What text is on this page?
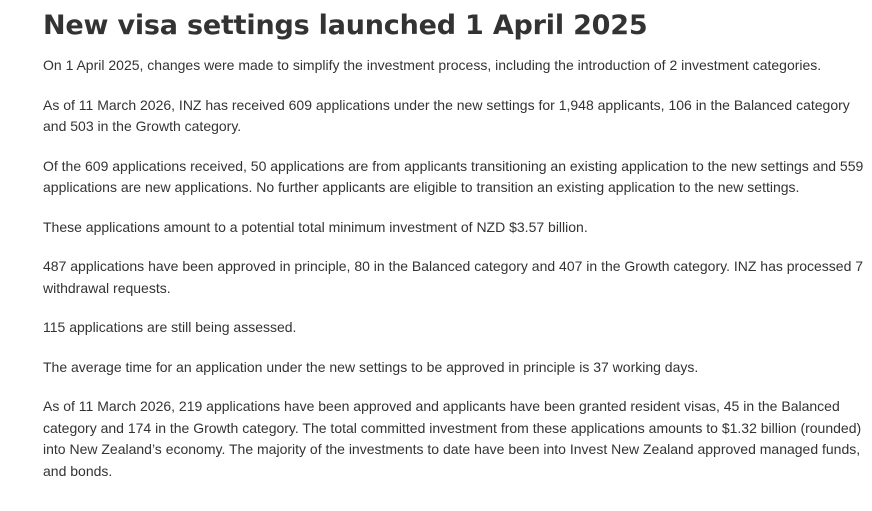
New visa settings launched 1 April 2025

On 1 April 2025, changes were made to simplify the investment process, including the introduction of 2 investment categories.

As of 11 March 2026, INZ has received 609 applications under the new settings for 1,948 applicants, 106 in the Balanced category and 503 in the Growth category.

Of the 609 applications received, 50 applications are from applicants transitioning an existing application to the new settings and 559 applications are new applications. No further applicants are eligible to transition an existing application to the new settings.

These applications amount to a potential total minimum investment of NZD $3.57 billion.

487 applications have been approved in principle, 80 in the Balanced category and 407 in the Growth category. INZ has processed 7 withdrawal requests.

115 applications are still being assessed.

The average time for an application under the new settings to be approved in principle is 37 working days.

As of 11 March 2026, 219 applications have been approved and applicants have been granted resident visas, 45 in the Balanced category and 174 in the Growth category. The total committed investment from these applications amounts to $1.32 billion (rounded) into New Zealand’s economy. The majority of the investments to date have been into Invest New Zealand approved managed funds, and bonds.
